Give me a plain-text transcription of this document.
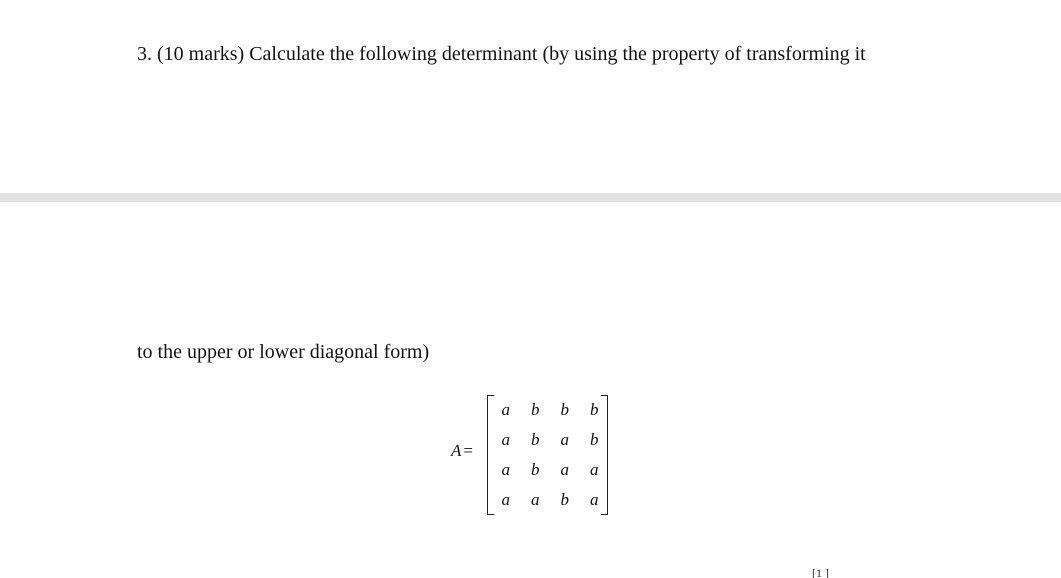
3. (10 marks) Calculate the following determinant (by using the property of transforming it
to the upper or lower diagonal form)
A =
a	b	b	b
a	b	a	b
a	b	a	a
a	a	b	a
[1 ]
